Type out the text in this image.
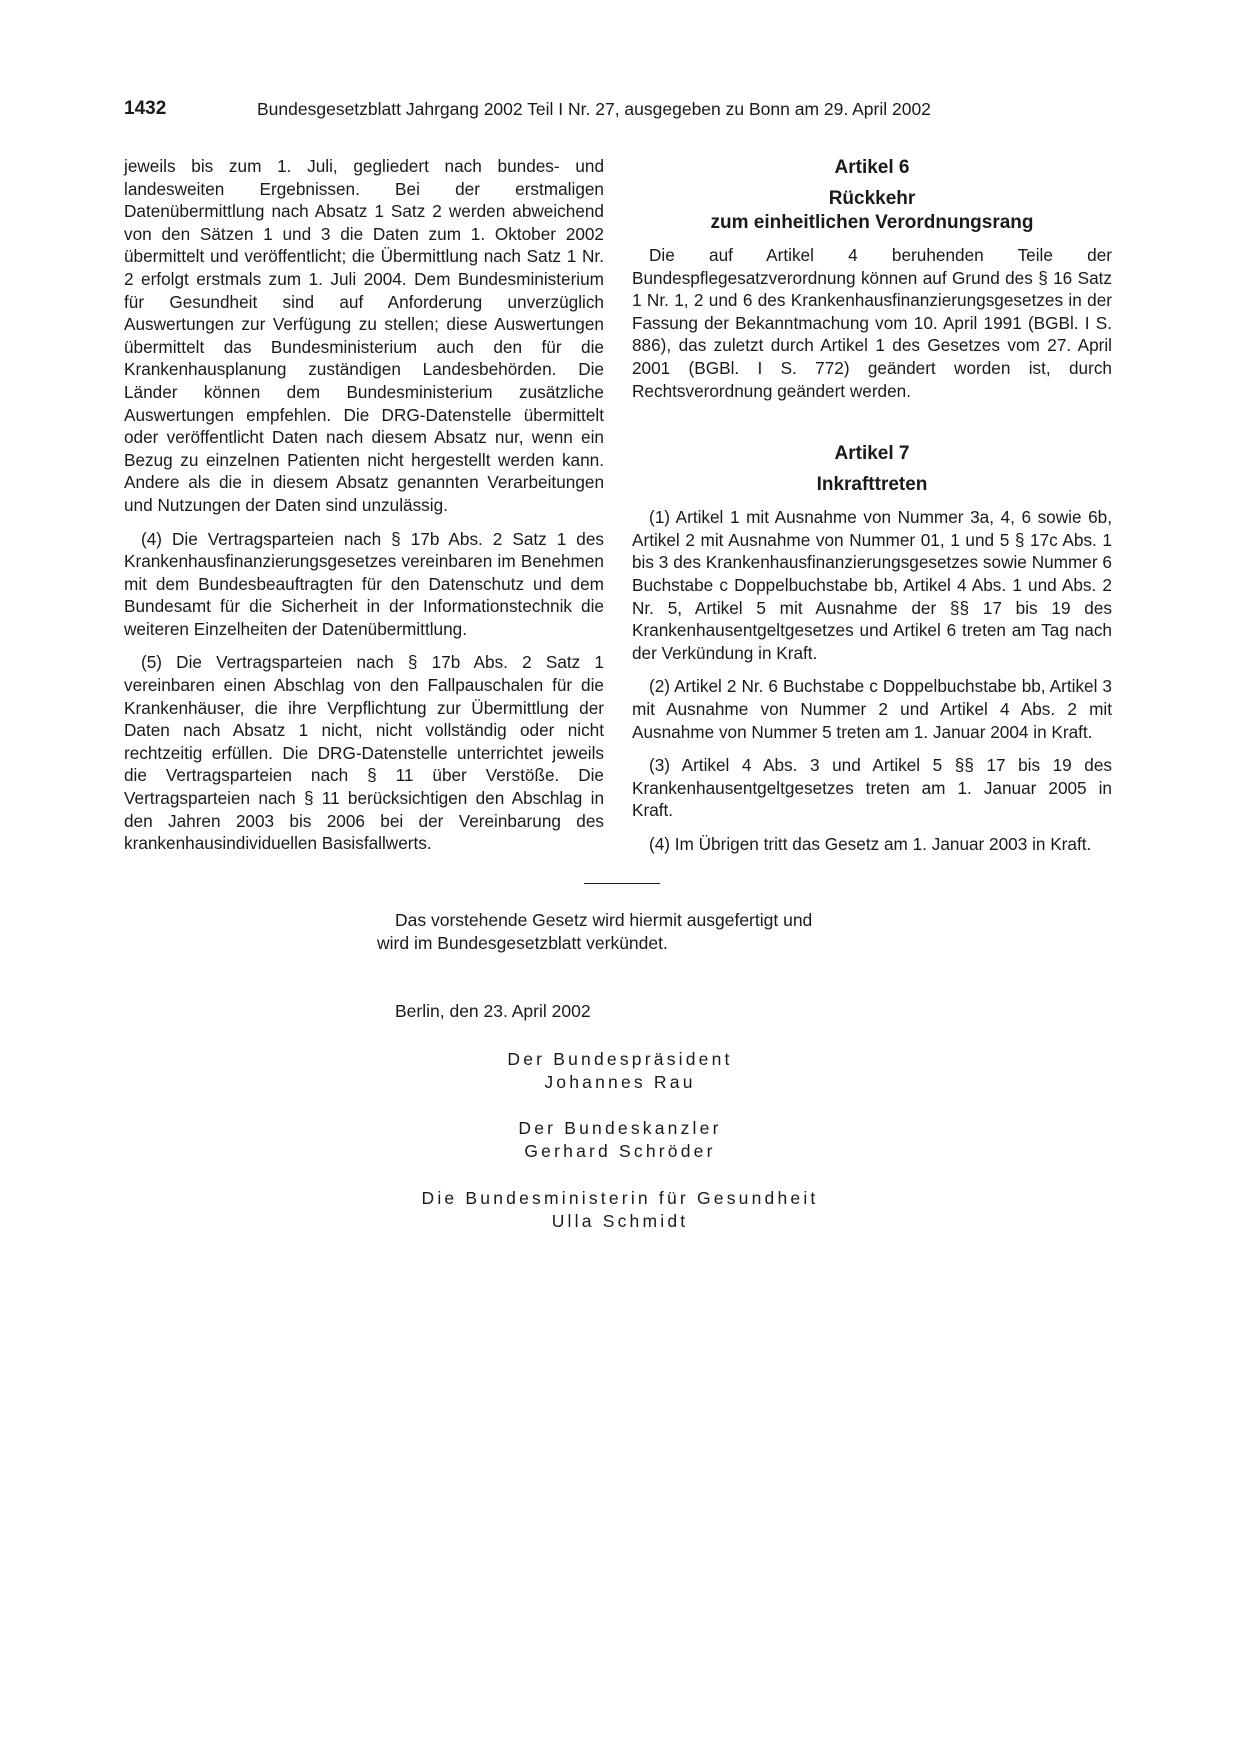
1432	Bundesgesetzblatt Jahrgang 2002 Teil I Nr. 27, ausgegeben zu Bonn am 29. April 2002

jeweils bis zum 1. Juli, gegliedert nach bundes- und landesweiten Ergebnissen. Bei der erstmaligen Datenübermittlung nach Absatz 1 Satz 2 werden abweichend von den Sätzen 1 und 3 die Daten zum 1. Oktober 2002 übermittelt und veröffentlicht; die Übermittlung nach Satz 1 Nr. 2 erfolgt erstmals zum 1. Juli 2004. Dem Bundesministerium für Gesundheit sind auf Anforderung unverzüglich Auswertungen zur Verfügung zu stellen; diese Auswertungen übermittelt das Bundesministerium auch den für die Krankenhausplanung zuständigen Landesbehörden. Die Länder können dem Bundesministerium zusätzliche Auswertungen empfehlen. Die DRG-Datenstelle übermittelt oder veröffentlicht Daten nach diesem Absatz nur, wenn ein Bezug zu einzelnen Patienten nicht hergestellt werden kann. Andere als die in diesem Absatz genannten Verarbeitungen und Nutzungen der Daten sind unzulässig.

(4) Die Vertragsparteien nach § 17b Abs. 2 Satz 1 des Krankenhausfinanzierungsgesetzes vereinbaren im Benehmen mit dem Bundesbeauftragten für den Datenschutz und dem Bundesamt für die Sicherheit in der Informationstechnik die weiteren Einzelheiten der Datenübermittlung.

(5) Die Vertragsparteien nach § 17b Abs. 2 Satz 1 vereinbaren einen Abschlag von den Fallpauschalen für die Krankenhäuser, die ihre Verpflichtung zur Übermittlung der Daten nach Absatz 1 nicht, nicht vollständig oder nicht rechtzeitig erfüllen. Die DRG-Datenstelle unterrichtet jeweils die Vertragsparteien nach § 11 über Verstöße. Die Vertragsparteien nach § 11 berücksichtigen den Abschlag in den Jahren 2003 bis 2006 bei der Vereinbarung des krankenhausindividuellen Basisfallwerts.

Artikel 6
Rückkehr
zum einheitlichen Verordnungsrang

Die auf Artikel 4 beruhenden Teile der Bundespflegesatzverordnung können auf Grund des § 16 Satz 1 Nr. 1, 2 und 6 des Krankenhausfinanzierungsgesetzes in der Fassung der Bekanntmachung vom 10. April 1991 (BGBl. I S. 886), das zuletzt durch Artikel 1 des Gesetzes vom 27. April 2001 (BGBl. I S. 772) geändert worden ist, durch Rechtsverordnung geändert werden.

Artikel 7
Inkrafttreten

(1) Artikel 1 mit Ausnahme von Nummer 3a, 4, 6 sowie 6b, Artikel 2 mit Ausnahme von Nummer 01, 1 und 5 § 17c Abs. 1 bis 3 des Krankenhausfinanzierungsgesetzes sowie Nummer 6 Buchstabe c Doppelbuchstabe bb, Artikel 4 Abs. 1 und Abs. 2 Nr. 5, Artikel 5 mit Ausnahme der §§ 17 bis 19 des Krankenhausentgeltgesetzes und Artikel 6 treten am Tag nach der Verkündung in Kraft.

(2) Artikel 2 Nr. 6 Buchstabe c Doppelbuchstabe bb, Artikel 3 mit Ausnahme von Nummer 2 und Artikel 4 Abs. 2 mit Ausnahme von Nummer 5 treten am 1. Januar 2004 in Kraft.

(3) Artikel 4 Abs. 3 und Artikel 5 §§ 17 bis 19 des Krankenhausentgeltgesetzes treten am 1. Januar 2005 in Kraft.

(4) Im Übrigen tritt das Gesetz am 1. Januar 2003 in Kraft.

Das vorstehende Gesetz wird hiermit ausgefertigt und
wird im Bundesgesetzblatt verkündet.
Berlin, den 23. April 2002
Der Bundespräsident
Johannes Rau
Der Bundeskanzler
Gerhard Schröder
Die Bundesministerin für Gesundheit
Ulla Schmidt
